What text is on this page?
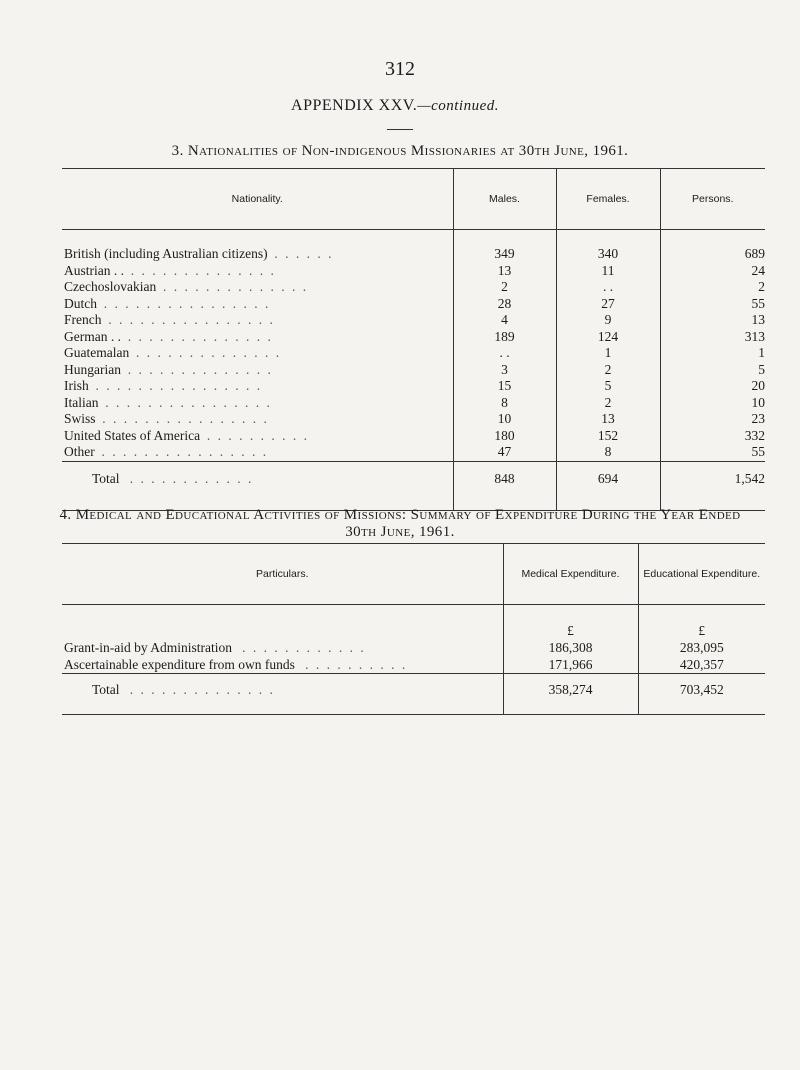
312
APPENDIX XXV.—continued.
3. Nationalities of Non-indigenous Missionaries at 30th June, 1961.
Nationality.	Males.	Females.	Persons.

British (including Australian citizens) . . . . . .	349	340	689
Austrian . . . . . . . . . . . . . . . .	13	11	24
Czechoslovakian . . . . . . . . . . . . . .	2	. .	2
Dutch . . . . . . . . . . . . . . . .	28	27	55
French . . . . . . . . . . . . . . . .	4	9	13
German . . . . . . . . . . . . . . . .	189	124	313
Guatemalan . . . . . . . . . . . . . .	. .	1	1
Hungarian . . . . . . . . . . . . . .	3	2	5
Irish . . . . . . . . . . . . . . . .	15	5	20
Italian . . . . . . . . . . . . . . . .	8	2	10
Swiss . . . . . . . . . . . . . . . .	10	13	23
United States of America . . . . . . . . . .	180	152	332
Other . . . . . . . . . . . . . . . .	47	8	55
Total . . . . . . . . . . . .	848	694	1,542

4. Medical and Educational Activities of Missions: Summary of Expenditure During the Year Ended
30th June, 1961.
Particulars.	Medical Expenditure.	Educational Expenditure.

	£	£
Grant-in-aid by Administration . . . . . . . . . . . .	186,308	283,095
Ascertainable expenditure from own funds . . . . . . . . . .	171,966	420,357
Total . . . . . . . . . . . . . .	358,274	703,452
